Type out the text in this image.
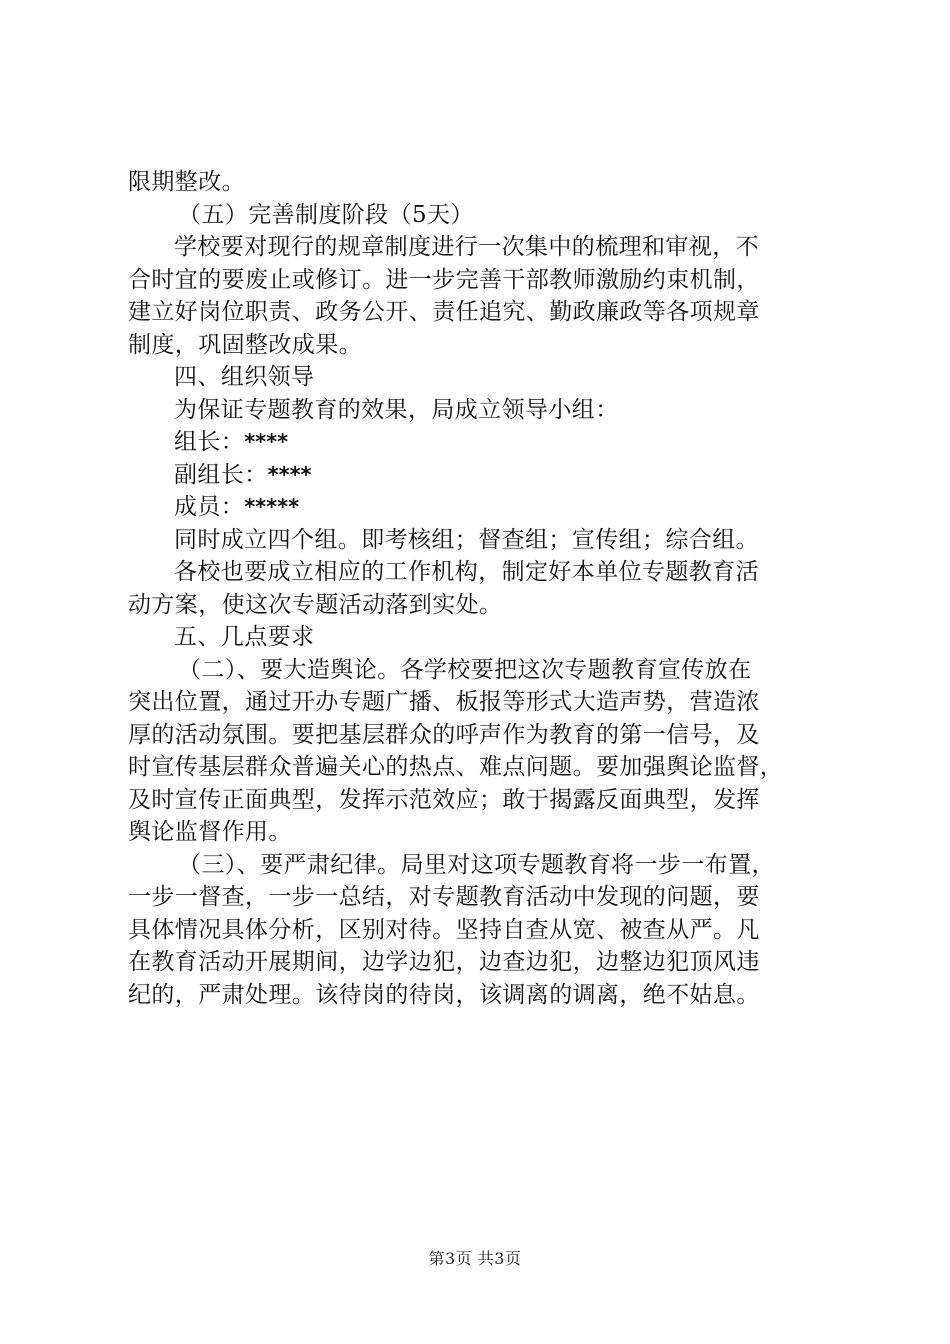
限期整改。
（五）完善制度阶段（5天）
学校要对现行的规章制度进行一次集中的梳理和审视，不
合时宜的要废止或修订。进一步完善干部教师激励约束机制，
建立好岗位职责、政务公开、责任追究、勤政廉政等各项规章
制度，巩固整改成果。
四、组织领导
为保证专题教育的效果，局成立领导小组：
组长：****
副组长：****
成员：*****
同时成立四个组。即考核组；督查组；宣传组；综合组。
各校也要成立相应的工作机构，制定好本单位专题教育活
动方案，使这次专题活动落到实处。
五、几点要求
（二）、要大造舆论。各学校要把这次专题教育宣传放在
突出位置，通过开办专题广播、板报等形式大造声势，营造浓
厚的活动氛围。要把基层群众的呼声作为教育的第一信号，及
时宣传基层群众普遍关心的热点、难点问题。要加强舆论监督，
及时宣传正面典型，发挥示范效应；敢于揭露反面典型，发挥
舆论监督作用。
（三）、要严肃纪律。局里对这项专题教育将一步一布置，
一步一督查，一步一总结，对专题教育活动中发现的问题，要
具体情况具体分析，区别对待。坚持自查从宽、被查从严。凡
在教育活动开展期间，边学边犯，边查边犯，边整边犯顶风违
纪的，严肃处理。该待岗的待岗，该调离的调离，绝不姑息。
第3页 共3页
